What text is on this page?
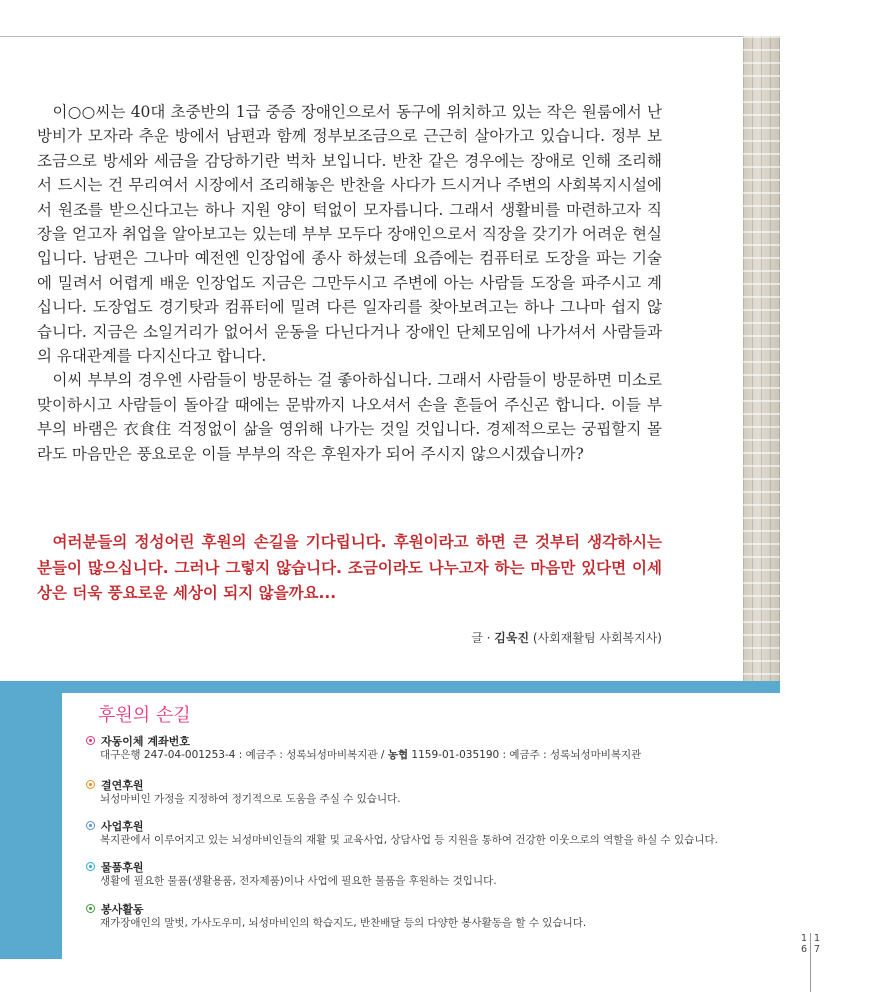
이○○씨는 40대 초중반의 1급 중증 장애인으로서 동구에 위치하고 있는 작은 원룸에서 난방비가 모자라 추운 방에서 남편과 함께 정부보조금으로 근근히 살아가고 있습니다. 정부 보조금으로 방세와 세금을 감당하기란 벅차 보입니다. 반찬 같은 경우에는 장애로 인해 조리해서 드시는 건 무리여서 시장에서 조리해놓은 반찬을 사다가 드시거나 주변의 사회복지시설에서 원조를 받으신다고는 하나 지원 양이 턱없이 모자릅니다. 그래서 생활비를 마련하고자 직장을 얻고자 취업을 알아보고는 있는데 부부 모두다 장애인으로서 직장을 갖기가 어려운 현실입니다. 남편은 그나마 예전엔 인장업에 종사 하셨는데 요즘에는 컴퓨터로 도장을 파는 기술에 밀려서 어렵게 배운 인장업도 지금은 그만두시고 주변에 아는 사람들 도장을 파주시고 계십니다. 도장업도 경기탓과 컴퓨터에 밀려 다른 일자리를 찾아보려고는 하나 그나마 쉽지 않습니다. 지금은 소일거리가 없어서 운동을 다닌다거나 장애인 단체모임에 나가셔서 사람들과의 유대관계를 다지신다고 합니다.

이씨 부부의 경우엔 사람들이 방문하는 걸 좋아하십니다. 그래서 사람들이 방문하면 미소로 맞이하시고 사람들이 돌아갈 때에는 문밖까지 나오셔서 손을 흔들어 주신곤 합니다. 이들 부부의 바램은 衣食住 걱정없이 삶을 영위해 나가는 것일 것입니다. 경제적으로는 궁핍할지 몰라도 마음만은 풍요로운 이들 부부의 작은 후원자가 되어 주시지 않으시겠습니까?

여러분들의 정성어린 후원의 손길을 기다립니다. 후원이라고 하면 큰 것부터 생각하시는 분들이 많으십니다. 그러나 그렇지 않습니다. 조금이라도 나누고자 하는 마음만 있다면 이세상은 더욱 풍요로운 세상이 되지 않을까요...

글 · 김욱진 (사회재활팀 사회복지사)
후원의 손길
자동이체 계좌번호
대구은행 247-04-001253-4 : 예금주 : 성록뇌성마비복지관 / 농협 1159-01-035190 : 예금주 : 성록뇌성마비복지관
결연후원
뇌성마비인 가정을 지정하여 정기적으로 도움을 주실 수 있습니다.
사업후원
복지관에서 이루어지고 있는 뇌성마비인들의 재활 및 교육사업, 상담사업 등 지원을 통하여 건강한 이웃으로의 역할을 하실 수 있습니다.
물품후원
생활에 필요한 물품(생활용품, 전자제품)이나 사업에 필요한 물품을 후원하는 것입니다.
봉사활동
재가장애인의 말벗, 가사도우미, 뇌성마비인의 학습지도, 반찬배달 등의 다양한 봉사활동을 할 수 있습니다.
1
6
1
7
